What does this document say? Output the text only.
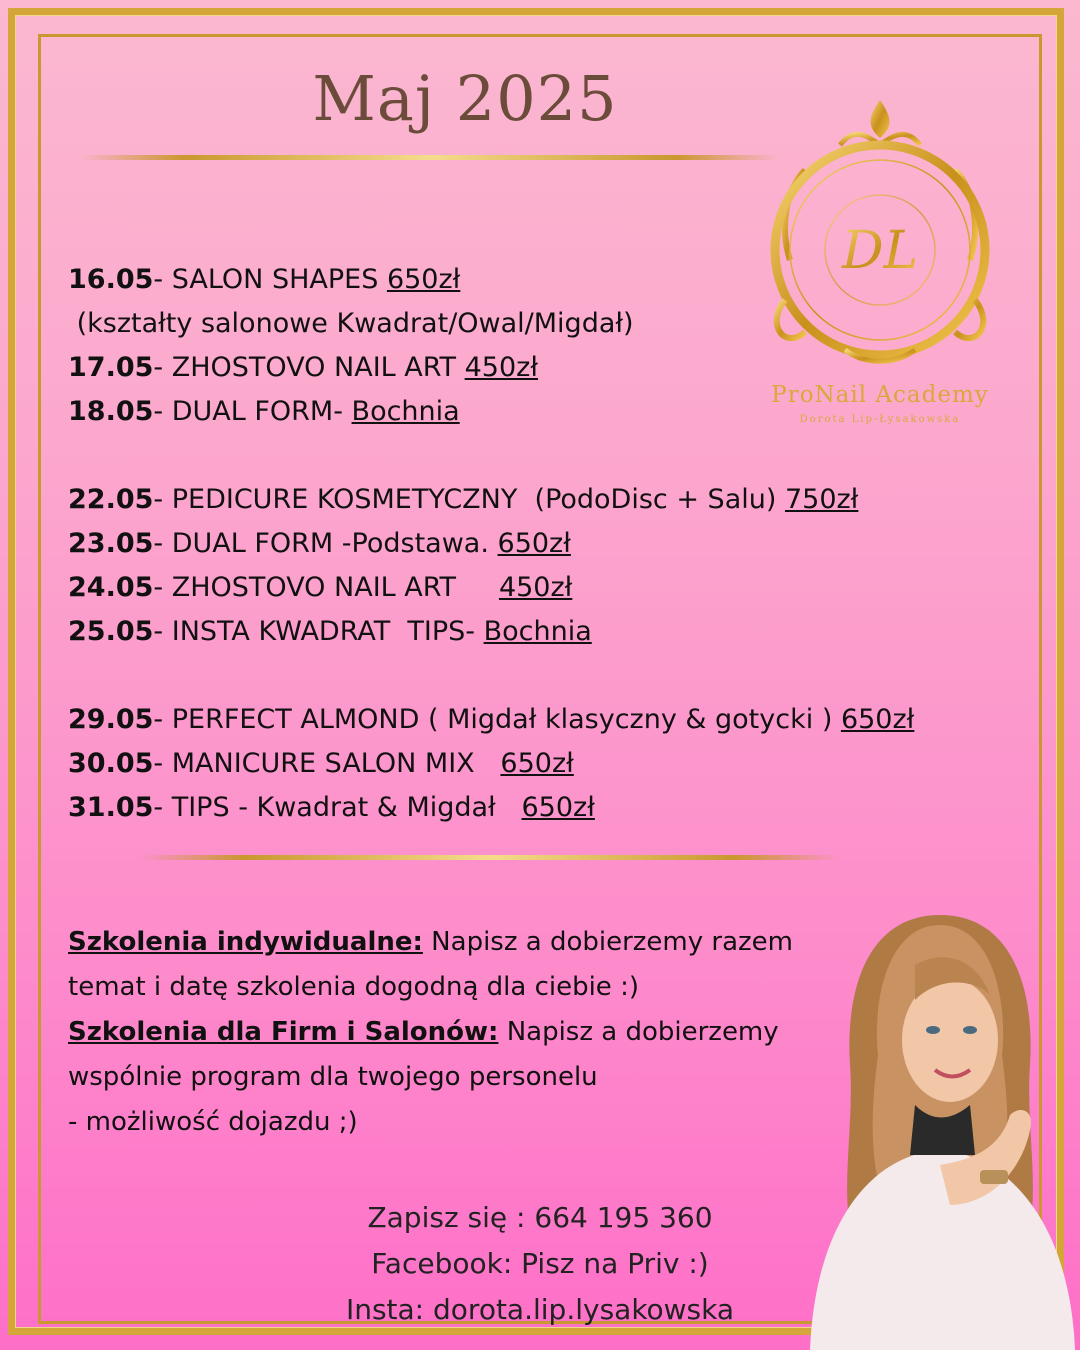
Maj 2025
DL
ProNail Academy
Dorota Lip-Łysakowska
16.05- SALON SHAPES 650zł
(kształty salonowe Kwadrat/Owal/Migdał)
17.05- ZHOSTOVO NAIL ART 450zł
18.05- DUAL FORM- Bochnia
22.05- PEDICURE KOSMETYCZNY  (PodoDisc + Salu) 750zł
23.05- DUAL FORM -Podstawa. 650zł
24.05- ZHOSTOVO NAIL ART     450zł
25.05- INSTA KWADRAT  TIPS- Bochnia
29.05- PERFECT ALMOND ( Migdał klasyczny & gotycki ) 650zł
30.05- MANICURE SALON MIX   650zł
31.05- TIPS - Kwadrat & Migdał   650zł
Szkolenia indywidualne: Napisz a dobierzemy razem
temat i datę szkolenia dogodną dla ciebie :)
Szkolenia dla Firm i Salonów: Napisz a dobierzemy
wspólnie program dla twojego personelu
- możliwość dojazdu ;)
Zapisz się : 664 195 360
Facebook: Pisz na Priv :)
Insta: dorota.lip.lysakowska
